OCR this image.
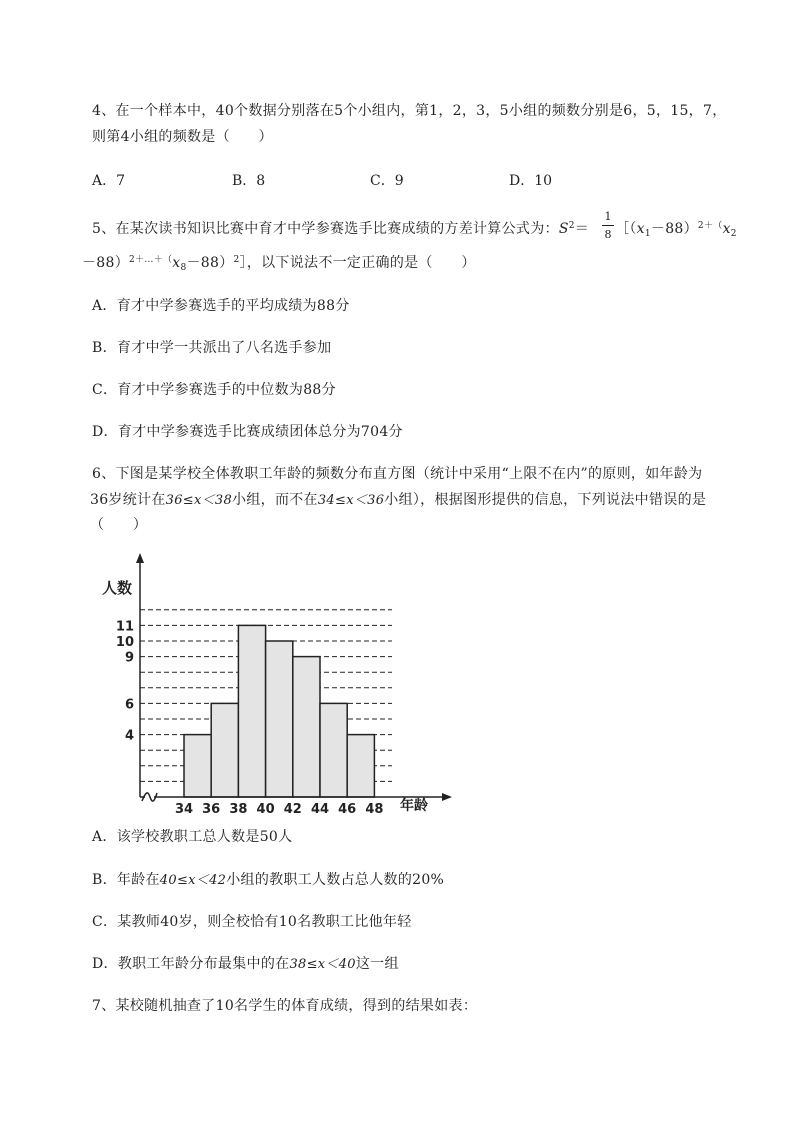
4、在一个样本中，40个数据分别落在5个小组内，第1，2，3，5小组的频数分别是6，5，15，7，
则第4小组的频数是（　　）
A．7	B．8	C．9	D．10
5、在某次读书知识比赛中育才中学参赛选手比赛成绩的方差计算公式为：$S^2=$ $[(x_1-88)^{2+(}x_2$
1
8
$-88)^{2+\dots+(}x_8-88)^2]$，以下说法不一定正确的是（　　）
A．育才中学参赛选手的平均成绩为88分
B．育才中学一共派出了八名选手参加
C．育才中学参赛选手的中位数为88分
D．育才中学参赛选手比赛成绩团体总分为704分
6、下图是某学校全体教职工年龄的频数分布直方图（统计中采用“上限不在内”的原则，如年龄为
36岁统计在36≤x＜38小组，而不在34≤x＜36小组），根据图形提供的信息，下列说法中错误的是
（　　）
4
6
9
10
11
34 36 38 40 42 44 46 48
人数
年龄
A．该学校教职工总人数是50人
B．年龄在40≤x＜42小组的教职工人数占总人数的20%
C．某教师40岁，则全校恰有10名教职工比他年轻
D．教职工年龄分布最集中的在38≤x＜40这一组
7、某校随机抽查了10名学生的体育成绩，得到的结果如表：
